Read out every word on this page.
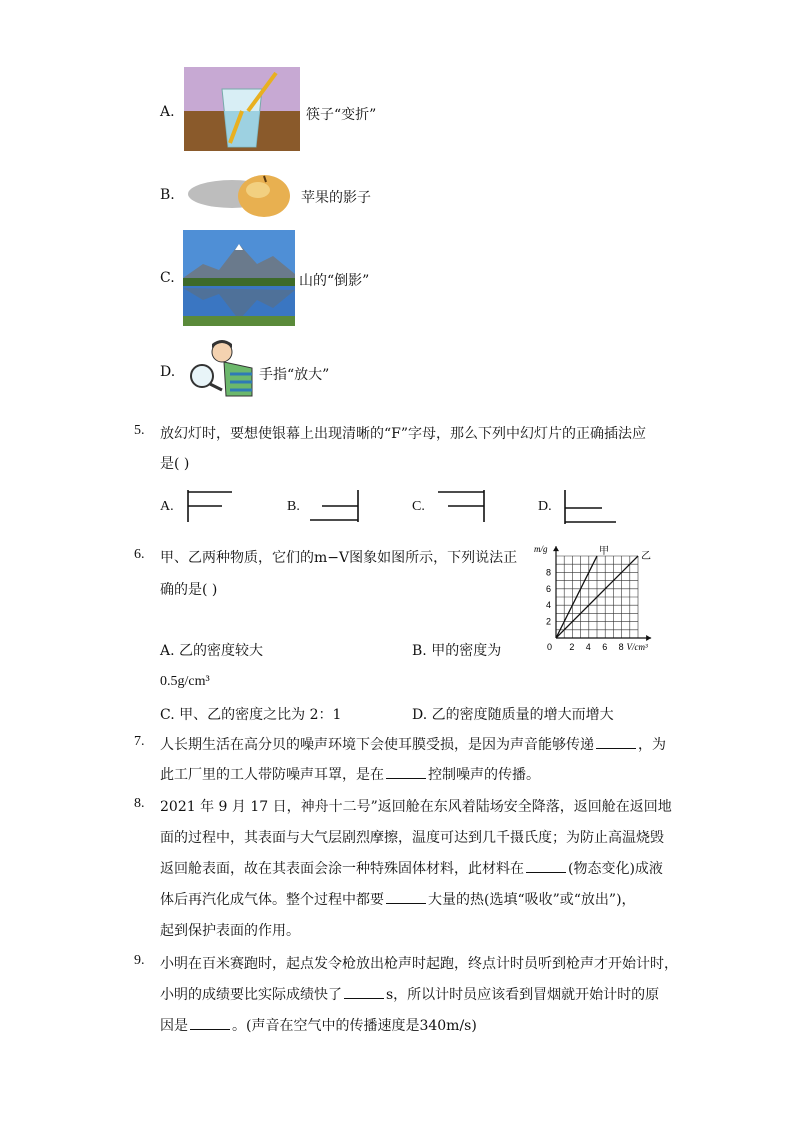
A.	筷子“变折”
B.	苹果的影子
C.	山的“倒影”
D.	手指“放大”
5. 放幻灯时，要想使银幕上出现清晰的“F”字母，那么下列中幻灯片的正确插法应
是( )
A.	B.	C.	D.
6. 甲、乙两种物质，它们的m−V图象如图所示，下列说法正
确的是( )
甲	乙
2 4 6 8
2
4
6
8
0
m/g
V/cm³
A. 乙的密度较大	B. 甲的密度为
0.5g/cm³
C. 甲、乙的密度之比为 2：1	D. 乙的密度随质量的增大而增大
7. 人长期生活在高分贝的噪声环境下会使耳膜受损，是因为声音能够传递	，为
此工厂里的工人带防噪声耳罩，是在	控制噪声的传播。
8. 2021 年 9 月 17 日，神舟十二号”返回舱在东风着陆场安全降落，返回舱在返回地
面的过程中，其表面与大气层剧烈摩擦，温度可达到几千摄氏度；为防止高温烧毁
返回舱表面，故在其表面会涂一种特殊固体材料，此材料在	(物态变化)成液
体后再汽化成气体。整个过程中都要	大量的热(选填“吸收”或“放出”)，
起到保护表面的作用。
9. 小明在百米赛跑时，起点发令枪放出枪声时起跑，终点计时员听到枪声才开始计时，
小明的成绩要比实际成绩快了	s，所以计时员应该看到冒烟就开始计时的原
因是	。(声音在空气中的传播速度是340m/s)
